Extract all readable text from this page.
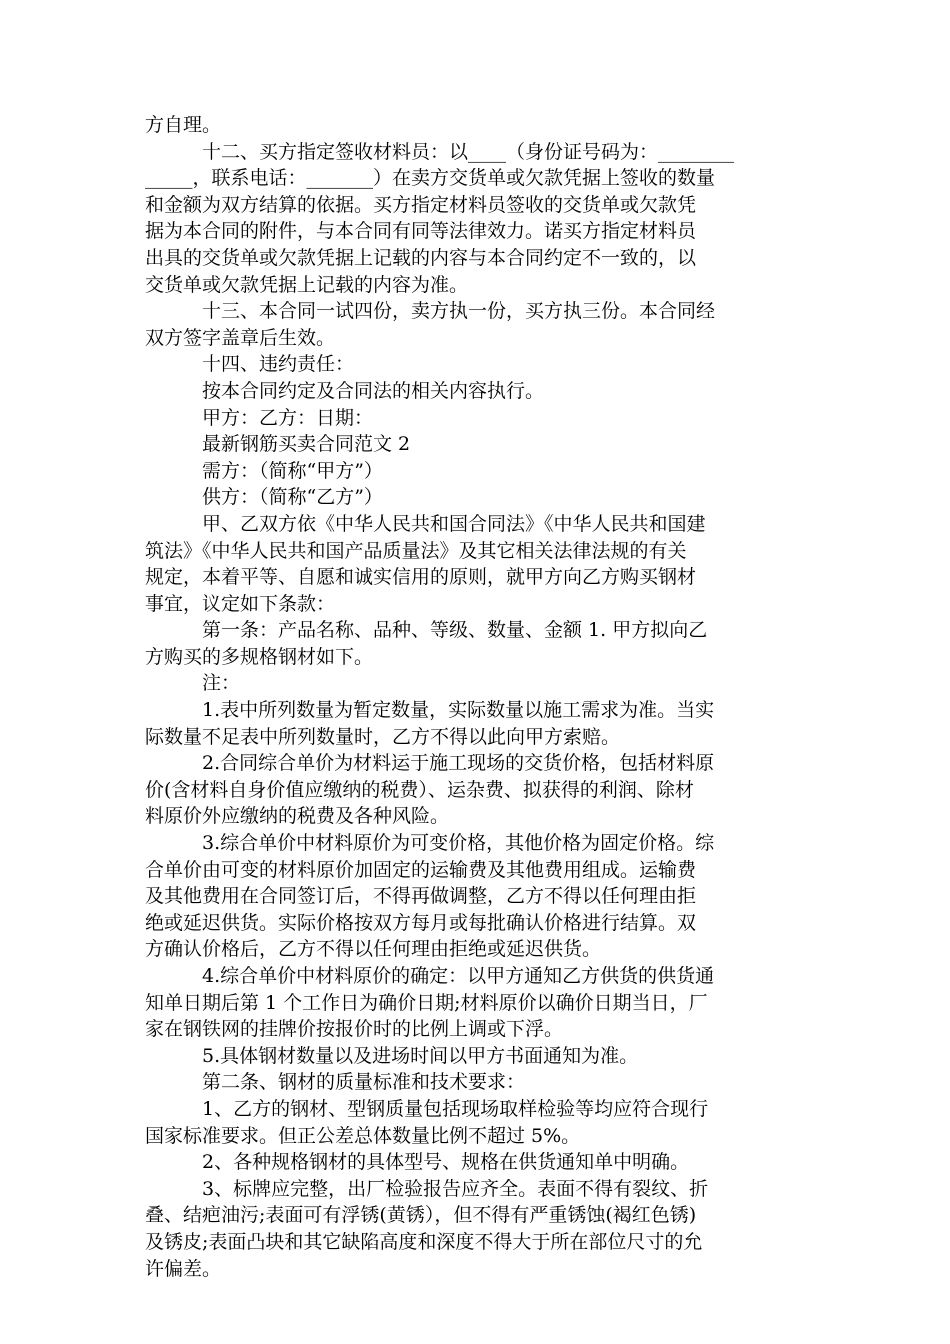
方自理。
十二、买方指定签收材料员：以____（身份证号码为：________
_____，联系电话：_______）在卖方交货单或欠款凭据上签收的数量
和金额为双方结算的依据。买方指定材料员签收的交货单或欠款凭
据为本合同的附件，与本合同有同等法律效力。诺买方指定材料员
出具的交货单或欠款凭据上记载的内容与本合同约定不一致的，以
交货单或欠款凭据上记载的内容为准。
十三、本合同一试四份，卖方执一份，买方执三份。本合同经
双方签字盖章后生效。
十四、违约责任：
按本合同约定及合同法的相关内容执行。
甲方：乙方：日期：
最新钢筋买卖合同范文 2
需方：（简称“甲方”）
供方：（简称“乙方”）
甲、乙双方依《中华人民共和国合同法》《中华人民共和国建
筑法》《中华人民共和国产品质量法》及其它相关法律法规的有关
规定，本着平等、自愿和诚实信用的原则，就甲方向乙方购买钢材
事宜，议定如下条款：
第一条：产品名称、品种、等级、数量、金额 1. 甲方拟向乙
方购买的多规格钢材如下。
注：
1.表中所列数量为暂定数量，实际数量以施工需求为准。当实
际数量不足表中所列数量时，乙方不得以此向甲方索赔。
2.合同综合单价为材料运于施工现场的交货价格，包括材料原
价(含材料自身价值应缴纳的税费）、运杂费、拟获得的利润、除材
料原价外应缴纳的税费及各种风险。
3.综合单价中材料原价为可变价格，其他价格为固定价格。综
合单价由可变的材料原价加固定的运输费及其他费用组成。运输费
及其他费用在合同签订后，不得再做调整，乙方不得以任何理由拒
绝或延迟供货。实际价格按双方每月或每批确认价格进行结算。双
方确认价格后，乙方不得以任何理由拒绝或延迟供货。
4.综合单价中材料原价的确定：以甲方通知乙方供货的供货通
知单日期后第 1 个工作日为确价日期;材料原价以确价日期当日，厂
家在钢铁网的挂牌价按报价时的比例上调或下浮。
5.具体钢材数量以及进场时间以甲方书面通知为准。
第二条、钢材的质量标准和技术要求：
1、乙方的钢材、型钢质量包括现场取样检验等均应符合现行
国家标准要求。但正公差总体数量比例不超过 5%。
2、各种规格钢材的具体型号、规格在供货通知单中明确。
3、标牌应完整，出厂检验报告应齐全。表面不得有裂纹、折
叠、结疤油污;表面可有浮锈(黄锈），但不得有严重锈蚀(褐红色锈)
及锈皮;表面凸块和其它缺陷高度和深度不得大于所在部位尺寸的允
许偏差。
